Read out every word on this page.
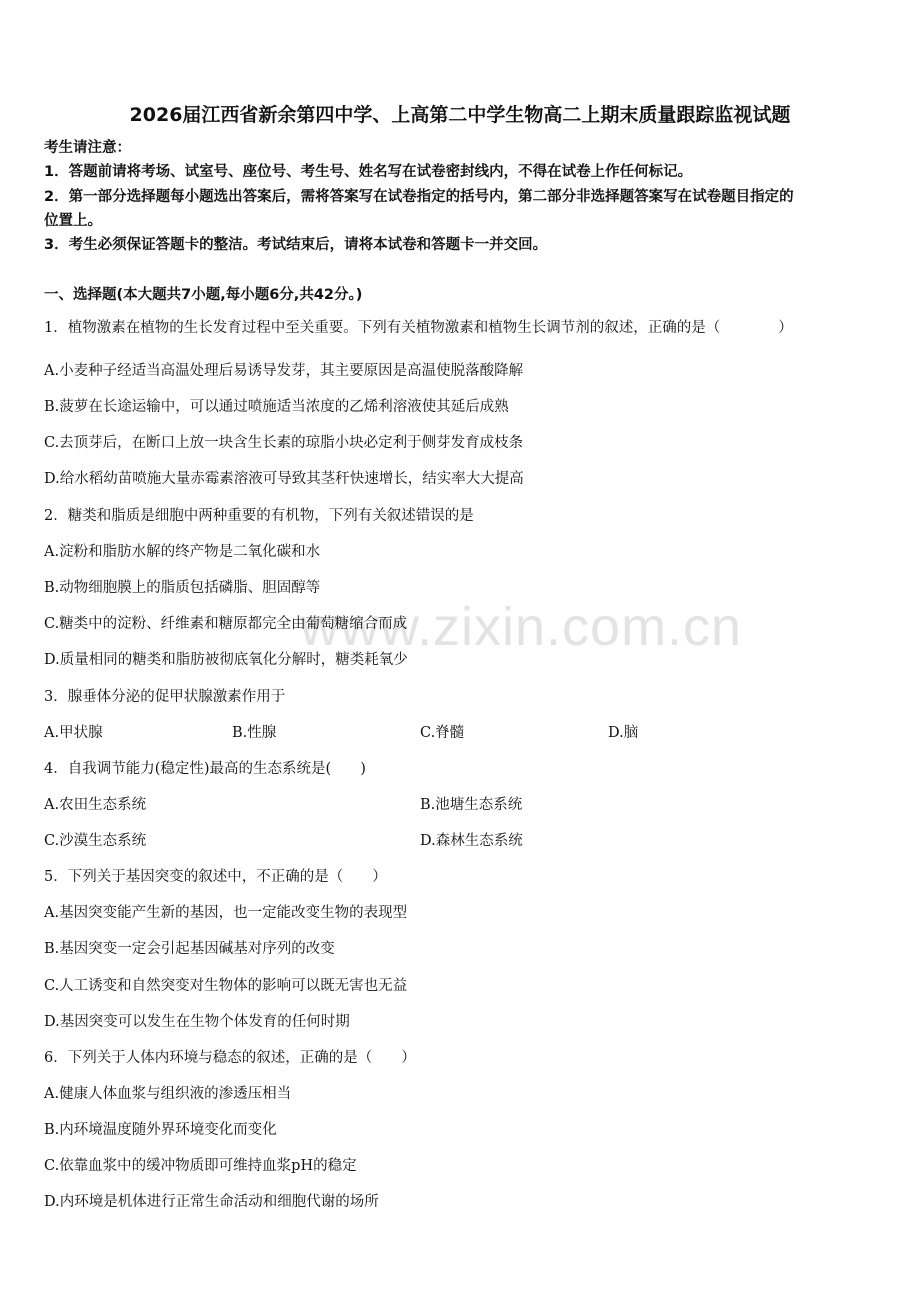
www.zixin.com.cn
2026届江西省新余第四中学、上高第二中学生物高二上期末质量跟踪监视试题
考生请注意：
1．答题前请将考场、试室号、座位号、考生号、姓名写在试卷密封线内，不得在试卷上作任何标记。
2．第一部分选择题每小题选出答案后，需将答案写在试卷指定的括号内，第二部分非选择题答案写在试卷题目指定的
位置上。
3．考生必须保证答题卡的整洁。考试结束后，请将本试卷和答题卡一并交回。
一、选择题(本大题共7小题,每小题6分,共42分。)
1．植物激素在植物的生长发育过程中至关重要。下列有关植物激素和植物生长调节剂的叙述，正确的是（　　　　）
A.小麦种子经适当高温处理后易诱导发芽，其主要原因是高温使脱落酸降解
B.菠萝在长途运输中，可以通过喷施适当浓度的乙烯利溶液使其延后成熟
C.去顶芽后，在断口上放一块含生长素的琼脂小块必定利于侧芽发育成枝条
D.给水稻幼苗喷施大量赤霉素溶液可导致其茎秆快速增长，结实率大大提高
2．糖类和脂质是细胞中两种重要的有机物，下列有关叙述错误的是
A.淀粉和脂肪水解的终产物是二氧化碳和水
B.动物细胞膜上的脂质包括磷脂、胆固醇等
C.糖类中的淀粉、纤维素和糖原都完全由葡萄糖缩合而成
D.质量相同的糖类和脂肪被彻底氧化分解时，糖类耗氧少
3．腺垂体分泌的促甲状腺激素作用于
A.甲状腺	B.性腺	C.脊髓	D.脑
4．自我调节能力(稳定性)最高的生态系统是(　　)
A.农田生态系统	B.池塘生态系统
C.沙漠生态系统	D.森林生态系统
5．下列关于基因突变的叙述中，不正确的是（　　）
A.基因突变能产生新的基因，也一定能改变生物的表现型
B.基因突变一定会引起基因碱基对序列的改变
C.人工诱变和自然突变对生物体的影响可以既无害也无益
D.基因突变可以发生在生物个体发育的任何时期
6．下列关于人体内环境与稳态的叙述，正确的是（　　）
A.健康人体血浆与组织液的渗透压相当
B.内环境温度随外界环境变化而变化
C.依靠血浆中的缓冲物质即可维持血浆pH的稳定
D.内环境是机体进行正常生命活动和细胞代谢的场所
